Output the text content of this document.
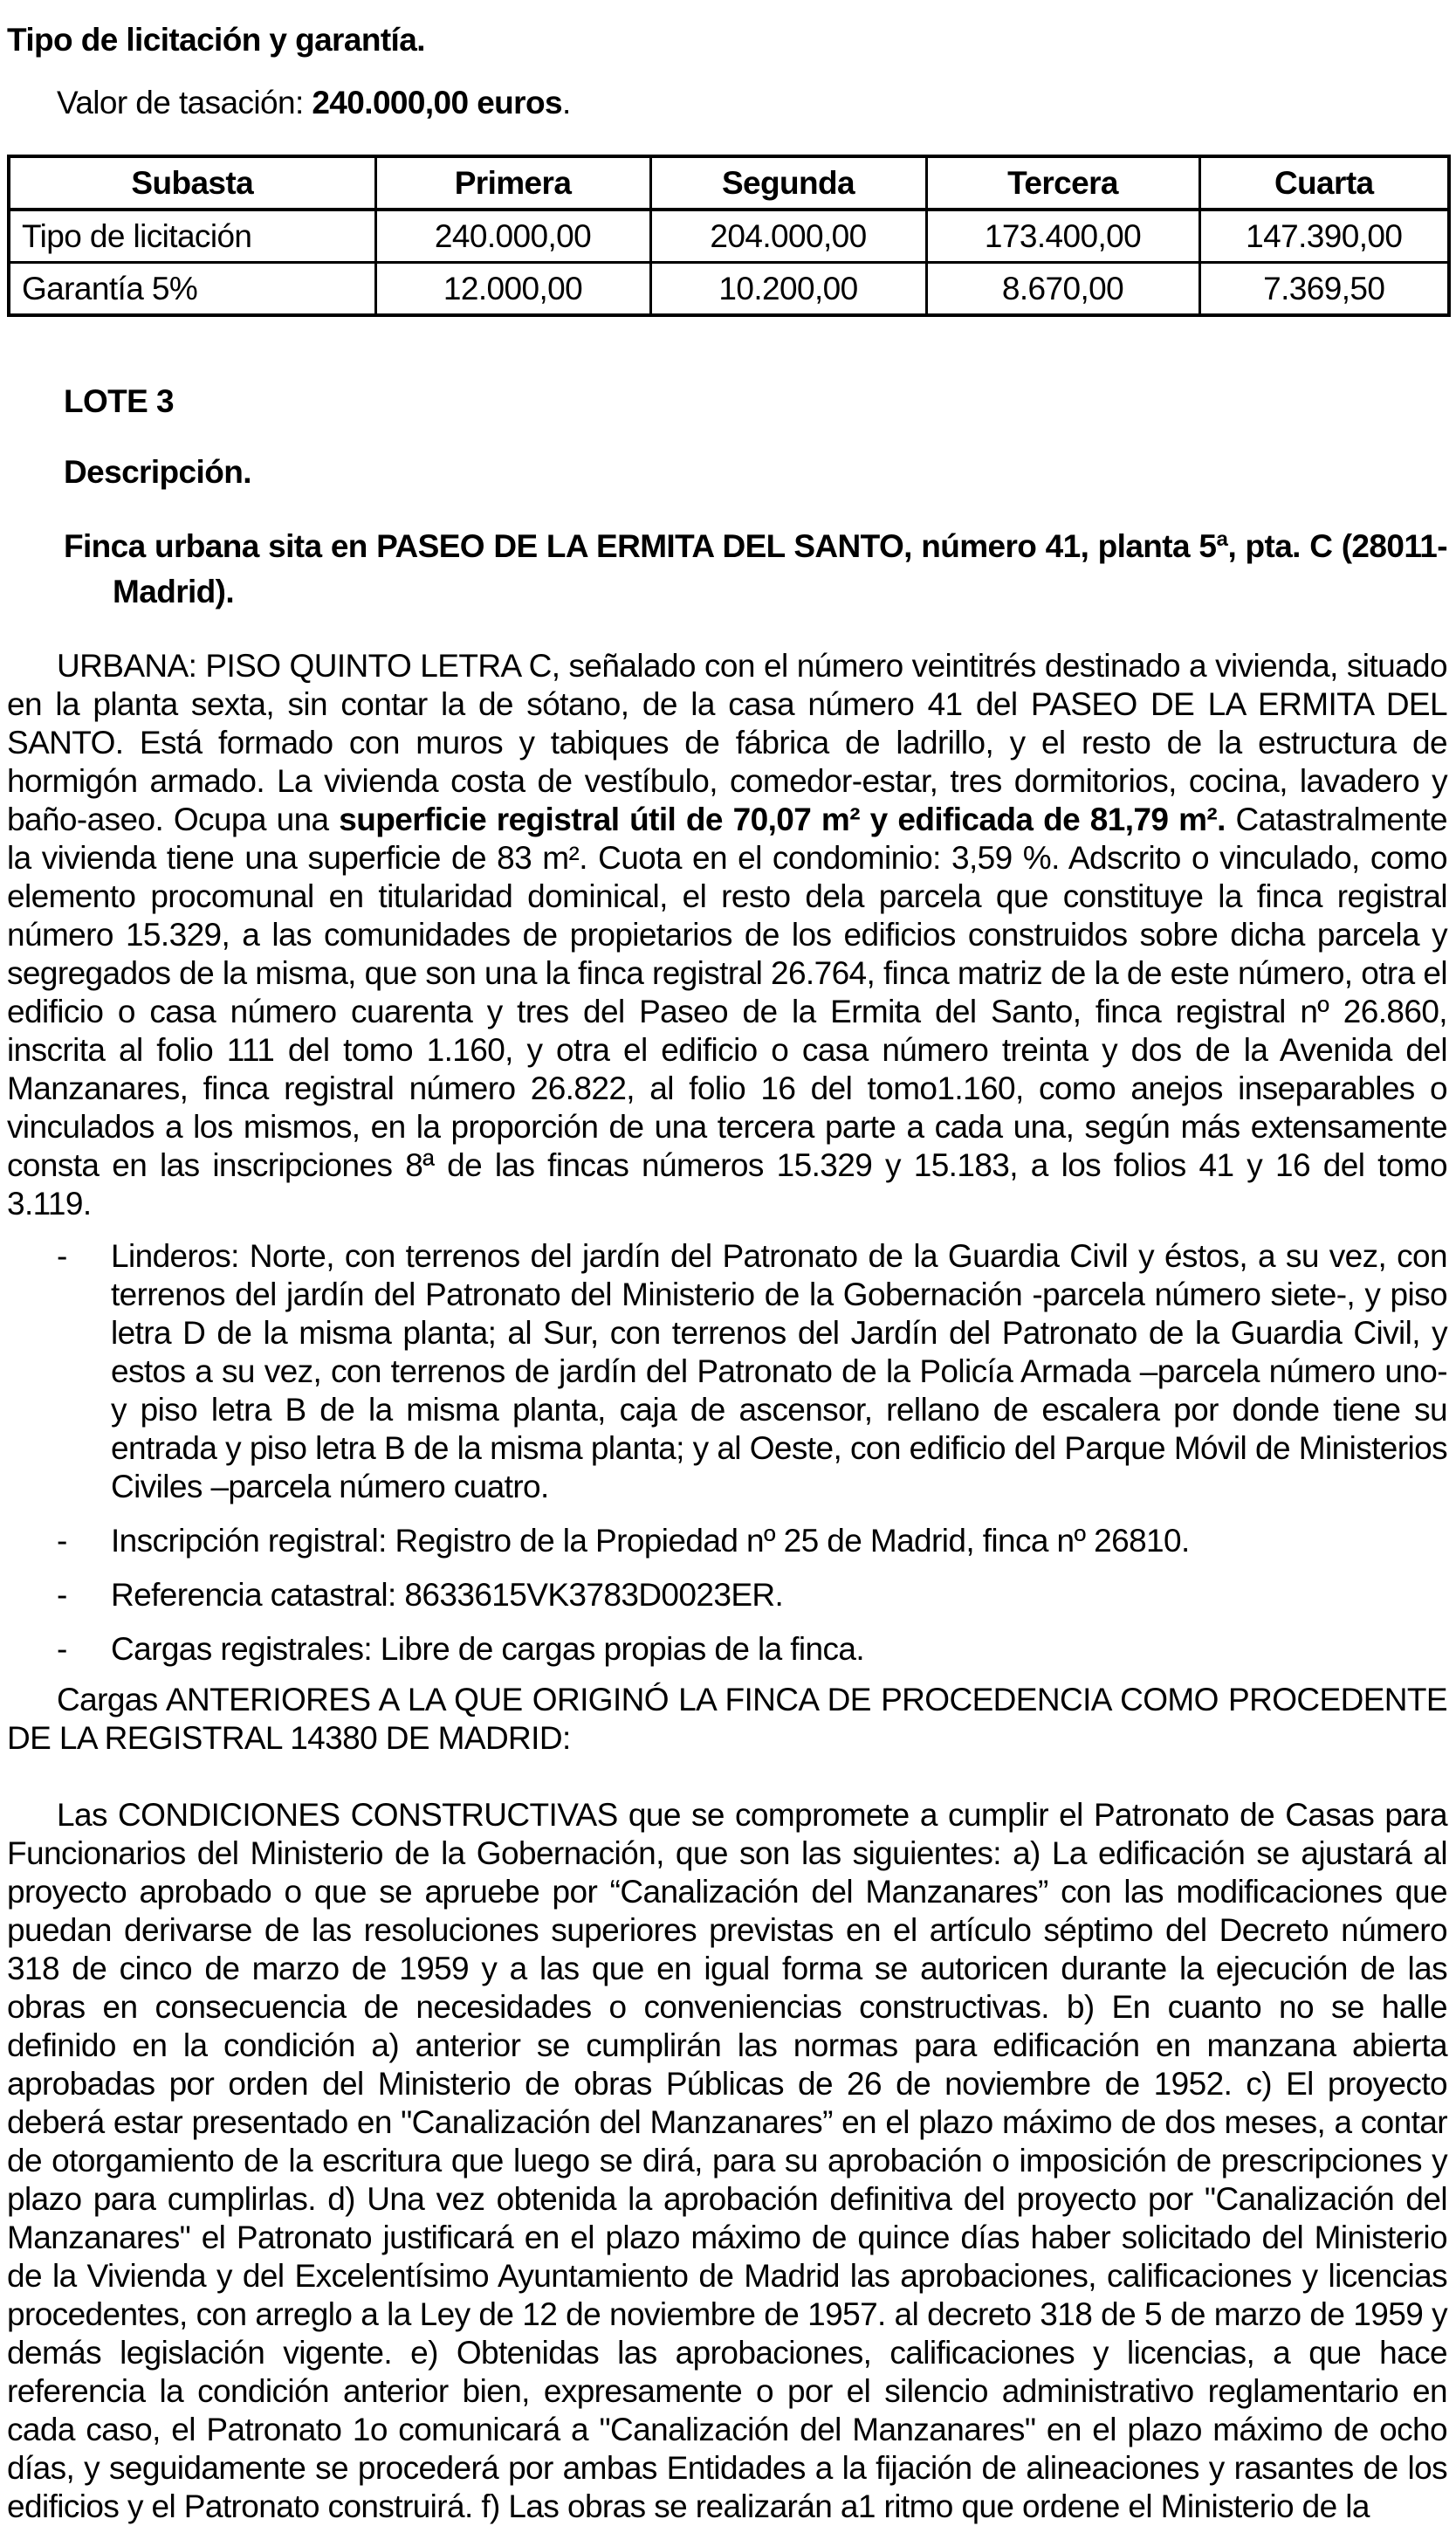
Tipo de licitación y garantía.

Valor de tasación: 240.000,00 euros.

Subasta	Primera	Segunda	Tercera	Cuarta
Tipo de licitación	240.000,00	204.000,00	173.400,00	147.390,00
Garantía 5%	12.000,00	10.200,00	8.670,00	7.369,50

LOTE 3

Descripción.

Finca urbana sita en PASEO DE LA ERMITA DEL SANTO, número 41, planta 5ª, pta. C (28011-Madrid).

URBANA: PISO QUINTO LETRA C, señalado con el número veintitrés destinado a vivienda, situado en la planta sexta, sin contar la de sótano, de la casa número 41 del PASEO DE LA ERMITA DEL SANTO. Está formado con muros y tabiques de fábrica de ladrillo, y el resto de la estructura de hormigón armado. La vivienda costa de vestíbulo, comedor-estar, tres dormitorios, cocina, lavadero y baño-aseo. Ocupa una superficie registral útil de 70,07 m² y edificada de 81,79 m². Catastralmente la vivienda tiene una superficie de 83 m². Cuota en el condominio: 3,59 %. Adscrito o vinculado, como elemento procomunal en titularidad dominical, el resto dela parcela que constituye la finca registral número 15.329, a las comunidades de propietarios de los edificios construidos sobre dicha parcela y segregados de la misma, que son una la finca registral 26.764, finca matriz de la de este número, otra el edificio o casa número cuarenta y tres del Paseo de la Ermita del Santo, finca registral nº 26.860, inscrita al folio 111 del tomo 1.160, y otra el edificio o casa número treinta y dos de la Avenida del Manzanares, finca registral número 26.822, al folio 16 del tomo1.160, como anejos inseparables o vinculados a los mismos, en la proporción de una tercera parte a cada una, según más extensamente consta en las inscripciones 8ª de las fincas números 15.329 y 15.183, a los folios 41 y 16 del tomo 3.119.

-	Linderos: Norte, con terrenos del jardín del Patronato de la Guardia Civil y éstos, a su vez, con terrenos del jardín del Patronato del Ministerio de la Gobernación -parcela número siete-, y piso letra D de la misma planta; al Sur, con terrenos del Jardín del Patronato de la Guardia Civil, y estos a su vez, con terrenos de jardín del Patronato de la Policía Armada –parcela número uno- y piso letra B de la misma planta, caja de ascensor, rellano de escalera por donde tiene su entrada y piso letra B de la misma planta; y al Oeste, con edificio del Parque Móvil de Ministerios Civiles –parcela número cuatro.
-	Inscripción registral: Registro de la Propiedad nº 25 de Madrid, finca nº 26810.
-	Referencia catastral: 8633615VK3783D0023ER.
-	Cargas registrales: Libre de cargas propias de la finca.

Cargas ANTERIORES A LA QUE ORIGINÓ LA FINCA DE PROCEDENCIA COMO PROCEDENTE DE LA REGISTRAL 14380 DE MADRID:

Las CONDICIONES CONSTRUCTIVAS que se compromete a cumplir el Patronato de Casas para Funcionarios del Ministerio de la Gobernación, que son las siguientes: a) La edificación se ajustará al proyecto aprobado o que se apruebe por “Canalización del Manzanares” con las modificaciones que puedan derivarse de las resoluciones superiores previstas en el artículo séptimo del Decreto número 318 de cinco de marzo de 1959 y a las que en igual forma se autoricen durante la ejecución de las obras en consecuencia de necesidades o conveniencias constructivas. b) En cuanto no se halle definido en la condición a) anterior se cumplirán las normas para edificación en manzana abierta aprobadas por orden del Ministerio de obras Públicas de 26 de noviembre de 1952. c) El proyecto deberá estar presentado en "Canalización del Manzanares” en el plazo máximo de dos meses, a contar de otorgamiento de la escritura que luego se dirá, para su aprobación o imposición de prescripciones y plazo para cumplirlas. d) Una vez obtenida la aprobación definitiva del proyecto por "Canalización del Manzanares" el Patronato justificará en el plazo máximo de quince días haber solicitado del Ministerio de la Vivienda y del Excelentísimo Ayuntamiento de Madrid las aprobaciones, calificaciones y licencias procedentes, con arreglo a la Ley de 12 de noviembre de 1957. al decreto 318 de 5 de marzo de 1959 y demás legislación vigente. e) Obtenidas las aprobaciones, calificaciones y licencias, a que hace referencia la condición anterior bien, expresamente o por el silencio administrativo reglamentario en cada caso, el Patronato 1o comunicará a "Canalización del Manzanares" en el plazo máximo de ocho días, y seguidamente se procederá por ambas Entidades a la fijación de alineaciones y rasantes de los edificios y el Patronato construirá. f) Las obras se realizarán a1 ritmo que ordene el Ministerio de la
